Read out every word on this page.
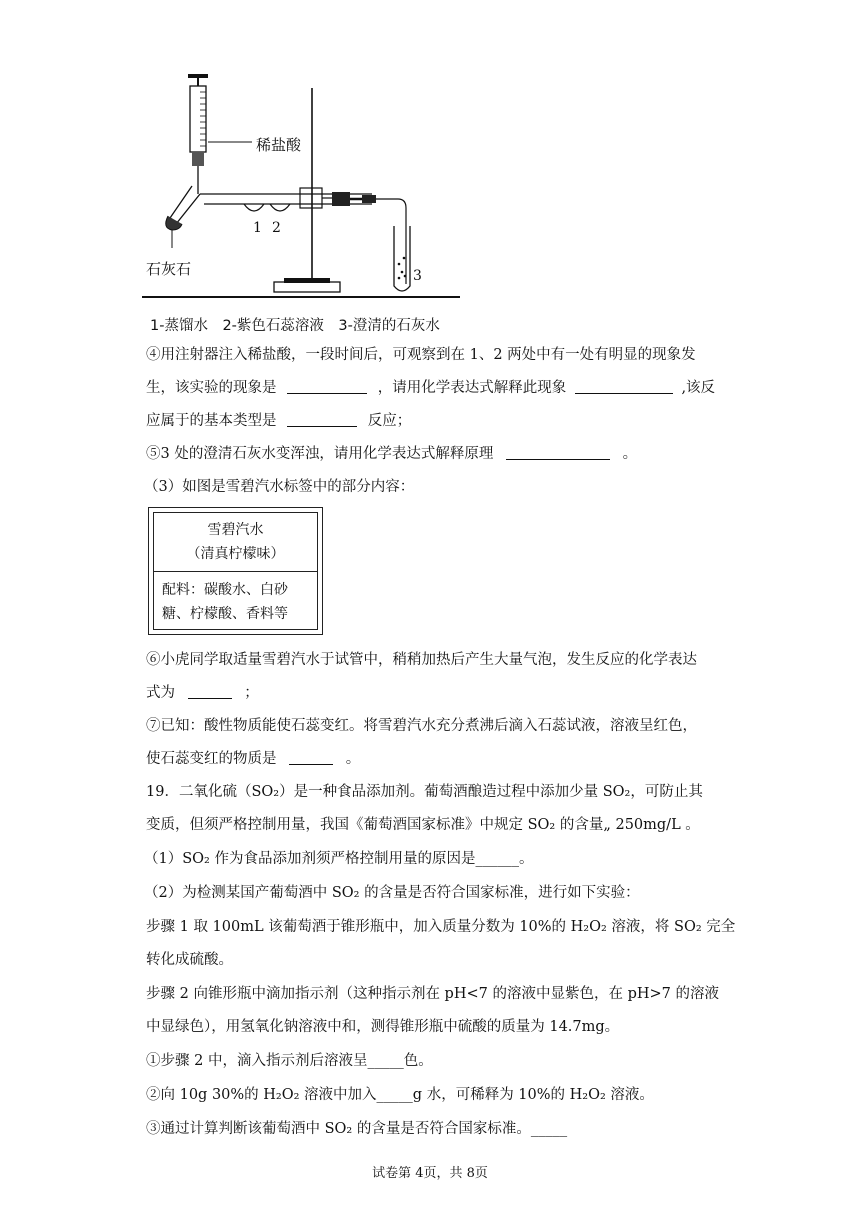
稀盐酸
石灰石
1 2
3
1-蒸馏水　2-紫色石蕊溶液　3-澄清的石灰水
④用注射器注入稀盐酸，一段时间后，可观察到在 1、2 两处中有一处有明显的现象发
生，该实验的现象是	，请用化学表达式解释此现象	,该反
应属于的基本类型是	反应；
⑤3 处的澄清石灰水变浑浊，请用化学表达式解释原理	。
（3）如图是雪碧汽水标签中的部分内容：
雪碧汽水
（清真柠檬味）
配料：碳酸水、白砂
糖、柠檬酸、香料等
⑥小虎同学取适量雪碧汽水于试管中，稍稍加热后产生大量气泡，发生反应的化学表达
式为	；
⑦已知：酸性物质能使石蕊变红。将雪碧汽水充分煮沸后滴入石蕊试液，溶液呈红色，
使石蕊变红的物质是	。
19．二氧化硫（SO₂）是一种食品添加剂。葡萄酒酿造过程中添加少量 SO₂，可防止其
变质，但须严格控制用量，我国《葡萄酒国家标准》中规定 SO₂ 的含量„ 250mg/L 。
（1）SO₂ 作为食品添加剂须严格控制用量的原因是______。
（2）为检测某国产葡萄酒中 SO₂ 的含量是否符合国家标准，进行如下实验：
步骤 1 取 100mL 该葡萄酒于锥形瓶中，加入质量分数为 10%的 H₂O₂ 溶液，将 SO₂ 完全
转化成硫酸。
步骤 2 向锥形瓶中滴加指示剂（这种指示剂在 pH<7 的溶液中显紫色，在 pH>7 的溶液
中显绿色），用氢氧化钠溶液中和，测得锥形瓶中硫酸的质量为 14.7mg。
①步骤 2 中，滴入指示剂后溶液呈_____色。
②向 10g 30%的 H₂O₂ 溶液中加入_____g 水，可稀释为 10%的 H₂O₂ 溶液。
③通过计算判断该葡萄酒中 SO₂ 的含量是否符合国家标准。_____
试卷第 4页，共 8页
